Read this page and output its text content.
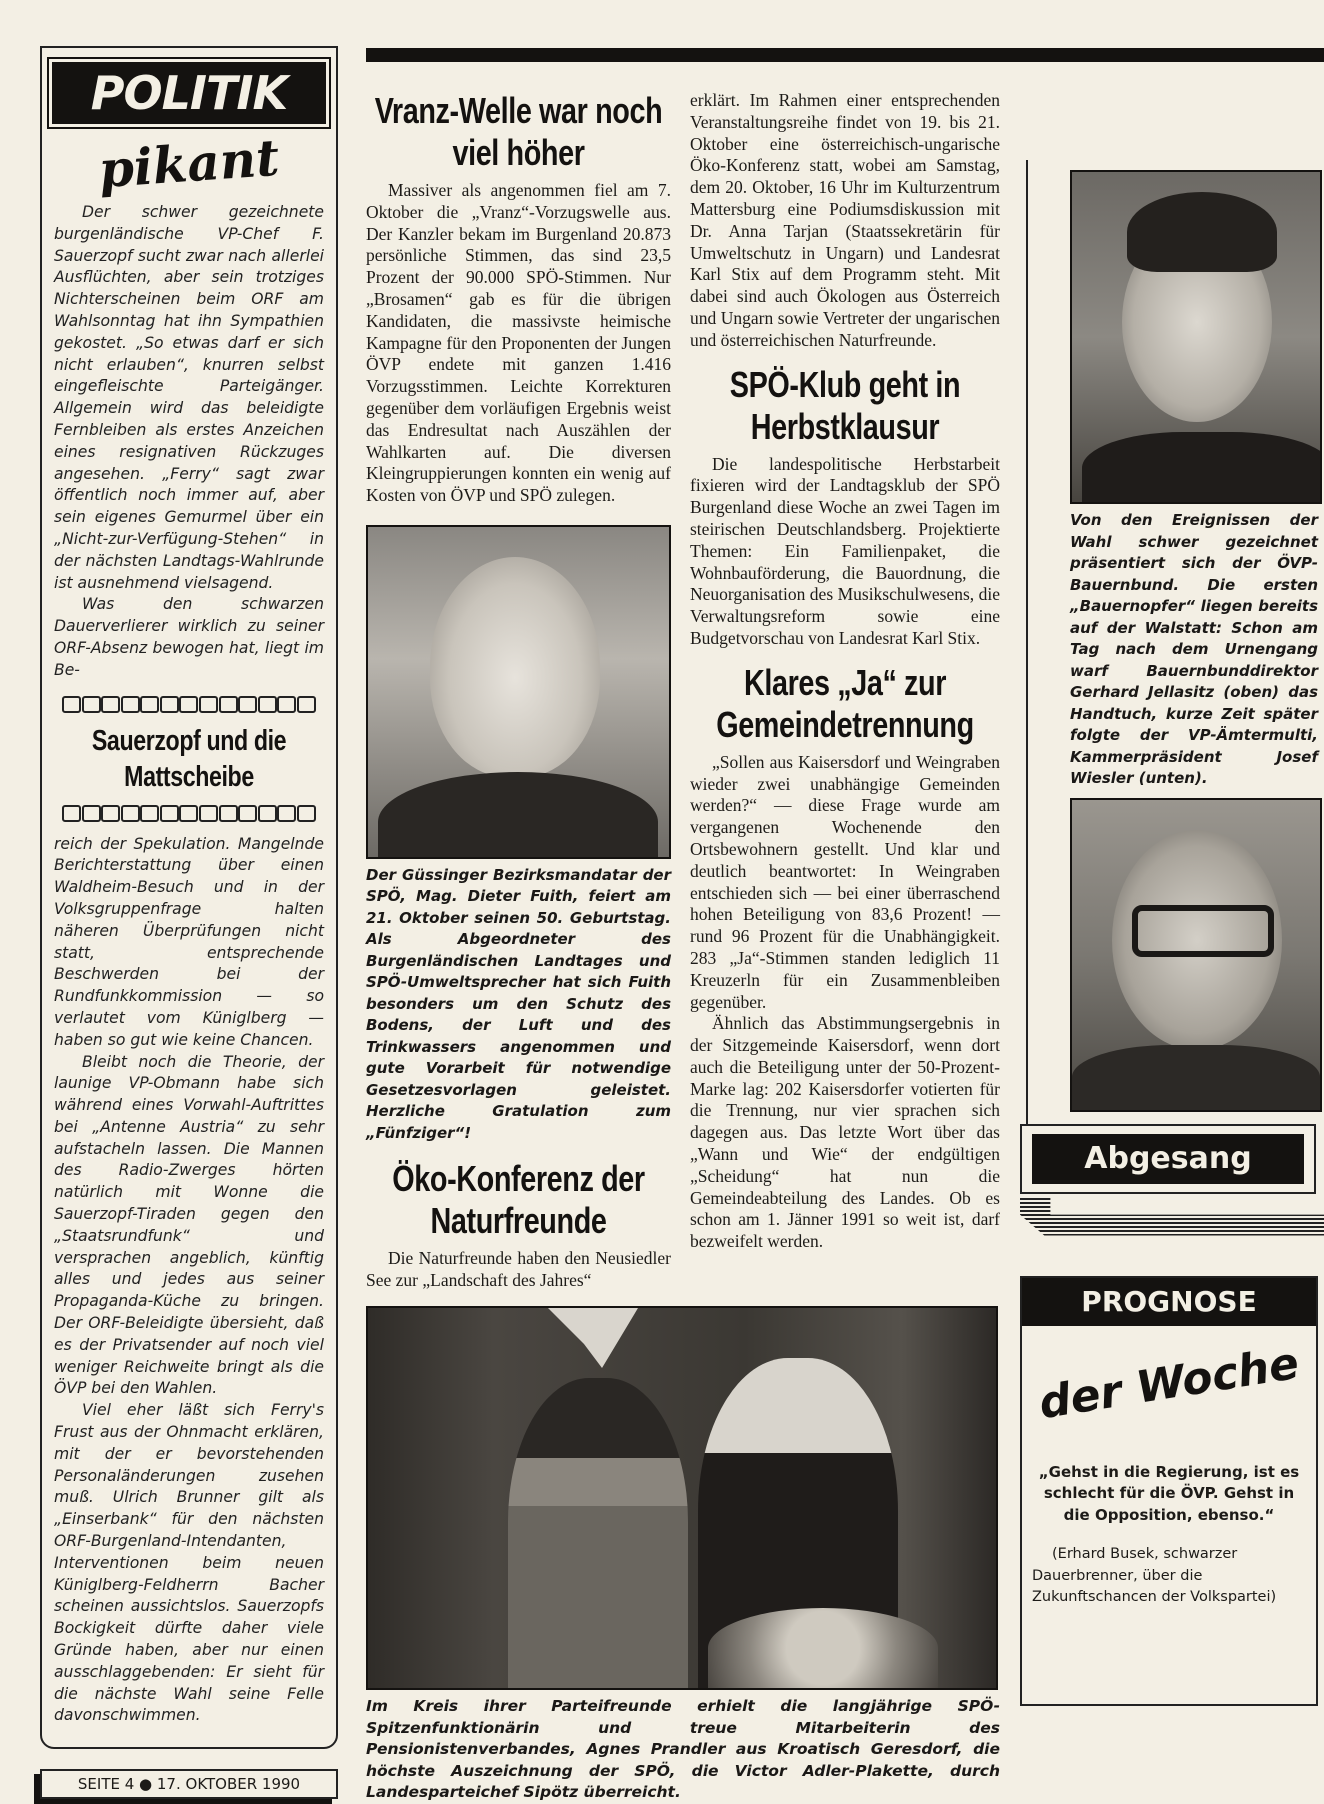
POLITIK
pikant

Der schwer gezeichnete burgenländische VP-Chef F. Sauerzopf sucht zwar nach allerlei Ausflüchten, aber sein trotziges Nichterscheinen beim ORF am Wahlsonntag hat ihn Sympathien gekostet. „So etwas darf er sich nicht erlauben“, knurren selbst eingefleischte Parteigänger. Allgemein wird das beleidigte Fernbleiben als erstes Anzeichen eines resignativen Rückzuges angesehen. „Ferry“ sagt zwar öffentlich noch immer auf, aber sein eigenes Gemurmel über ein „Nicht-zur-Verfügung-Stehen“ in der nächsten Landtags-Wahlrunde ist ausnehmend vielsagend.

Was den schwarzen Dauerverlierer wirklich zu seiner ORF-Absenz bewogen hat, liegt im Be-

Sauerzopf und die Mattscheibe

reich der Spekulation. Mangelnde Berichterstattung über einen Waldheim-Besuch und in der Volksgruppenfrage halten näheren Überprüfungen nicht statt, entsprechende Beschwerden bei der Rundfunkkommission — so verlautet vom Küniglberg — haben so gut wie keine Chancen.

Bleibt noch die Theorie, der launige VP-Obmann habe sich während eines Vorwahl-Auftrittes bei „Antenne Austria“ zu sehr aufstacheln lassen. Die Mannen des Radio-Zwerges hörten natürlich mit Wonne die Sauerzopf-Tiraden gegen den „Staatsrundfunk“ und versprachen angeblich, künftig alles und jedes aus seiner Propaganda-Küche zu bringen. Der ORF-Beleidigte übersieht, daß es der Privatsender auf noch viel weniger Reichweite bringt als die ÖVP bei den Wahlen.

Viel eher läßt sich Ferry's Frust aus der Ohnmacht erklären, mit der er bevorstehenden Personaländerungen zusehen muß. Ulrich Brunner gilt als „Einserbank“ für den nächsten ORF-Burgenland-Intendanten, Interventionen beim neuen Küniglberg-Feldherrn Bacher scheinen aussichtslos. Sauerzopfs Bockigkeit dürfte daher viele Gründe haben, aber nur einen ausschlaggebenden: Er sieht für die nächste Wahl seine Felle davonschwimmen.

SEITE 4 ● 17. OKTOBER 1990
Vranz-Welle war noch viel höher

Massiver als angenommen fiel am 7. Oktober die „Vranz“-Vorzugswelle aus. Der Kanzler bekam im Burgenland 20.873 persönliche Stimmen, das sind 23,5 Prozent der 90.000 SPÖ-Stimmen. Nur „Brosamen“ gab es für die übrigen Kandidaten, die massivste heimische Kampagne für den Proponenten der Jungen ÖVP endete mit ganzen 1.416 Vorzugsstimmen. Leichte Korrekturen gegenüber dem vorläufigen Ergebnis weist das Endresultat nach Auszählen der Wahlkarten auf. Die diversen Kleingruppierungen konnten ein wenig auf Kosten von ÖVP und SPÖ zulegen.

Der Güssinger Bezirksmandatar der SPÖ, Mag. Dieter Fuith, feiert am 21. Oktober seinen 50. Geburtstag. Als Abgeordneter des Burgenländischen Landtages und SPÖ-Umweltsprecher hat sich Fuith besonders um den Schutz des Bodens, der Luft und des Trinkwassers angenommen und gute Vorarbeit für notwendige Gesetzesvorlagen geleistet. Herzliche Gratulation zum „Fünfziger“!
Öko-Konferenz der Naturfreunde

Die Naturfreunde haben den Neusiedler See zur „Landschaft des Jahres“

erklärt. Im Rahmen einer entsprechenden Veranstaltungsreihe findet von 19. bis 21. Oktober eine österreichisch-ungarische Öko-Konferenz statt, wobei am Samstag, dem 20. Oktober, 16 Uhr im Kulturzentrum Mattersburg eine Podiumsdiskussion mit Dr. Anna Tarjan (Staatssekretärin für Umweltschutz in Ungarn) und Landesrat Karl Stix auf dem Programm steht. Mit dabei sind auch Ökologen aus Österreich und Ungarn sowie Vertreter der ungarischen und österreichischen Naturfreunde.

SPÖ-Klub geht in Herbstklausur

Die landespolitische Herbstarbeit fixieren wird der Landtagsklub der SPÖ Burgenland diese Woche an zwei Tagen im steirischen Deutschlandsberg. Projektierte Themen: Ein Familienpaket, die Wohnbauförderung, die Bauordnung, die Neuorganisation des Musikschulwesens, die Verwaltungsreform sowie eine Budgetvorschau von Landesrat Karl Stix.

Klares „Ja“ zur Gemeindetrennung

„Sollen aus Kaisersdorf und Weingraben wieder zwei unabhängige Gemeinden werden?“ — diese Frage wurde am vergangenen Wochenende den Ortsbewohnern gestellt. Und klar und deutlich beantwortet: In Weingraben entschieden sich — bei einer überraschend hohen Beteiligung von 83,6 Prozent! — rund 96 Prozent für die Unabhängigkeit. 283 „Ja“-Stimmen standen lediglich 11 Kreuzerln für ein Zusammenbleiben gegenüber.

Ähnlich das Abstimmungsergebnis in der Sitzgemeinde Kaisersdorf, wenn dort auch die Beteiligung unter der 50-Prozent-Marke lag: 202 Kaisersdorfer votierten für die Trennung, nur vier sprachen sich dagegen aus. Das letzte Wort über das „Wann und Wie“ der endgültigen „Scheidung“ hat nun die Gemeindeabteilung des Landes. Ob es schon am 1. Jänner 1991 so weit ist, darf bezweifelt werden.

Im Kreis ihrer Parteifreunde erhielt die langjährige SPÖ-Spitzenfunktionärin und treue Mitarbeiterin des Pensionistenverbandes, Agnes Prandler aus Kroatisch Geresdorf, die höchste Auszeichnung der SPÖ, die Victor Adler-Plakette, durch Landesparteichef Sipötz überreicht.
Von den Ereignissen der Wahl schwer gezeichnet präsentiert sich der ÖVP-Bauernbund. Die ersten „Bauernopfer“ liegen bereits auf der Walstatt: Schon am Tag nach dem Urnengang warf Bauernbunddirektor Gerhard Jellasitz (oben) das Handtuch, kurze Zeit später folgte der VP-Ämtermulti, Kammerpräsident Josef Wiesler (unten).
Abgesang
PROGNOSE
der Woche
„Gehst in die Regierung, ist es schlecht für die ÖVP. Gehst in die Opposition, ebenso.“
(Erhard Busek, schwarzer Dauerbrenner, über die Zukunftschancen der Volkspartei)
